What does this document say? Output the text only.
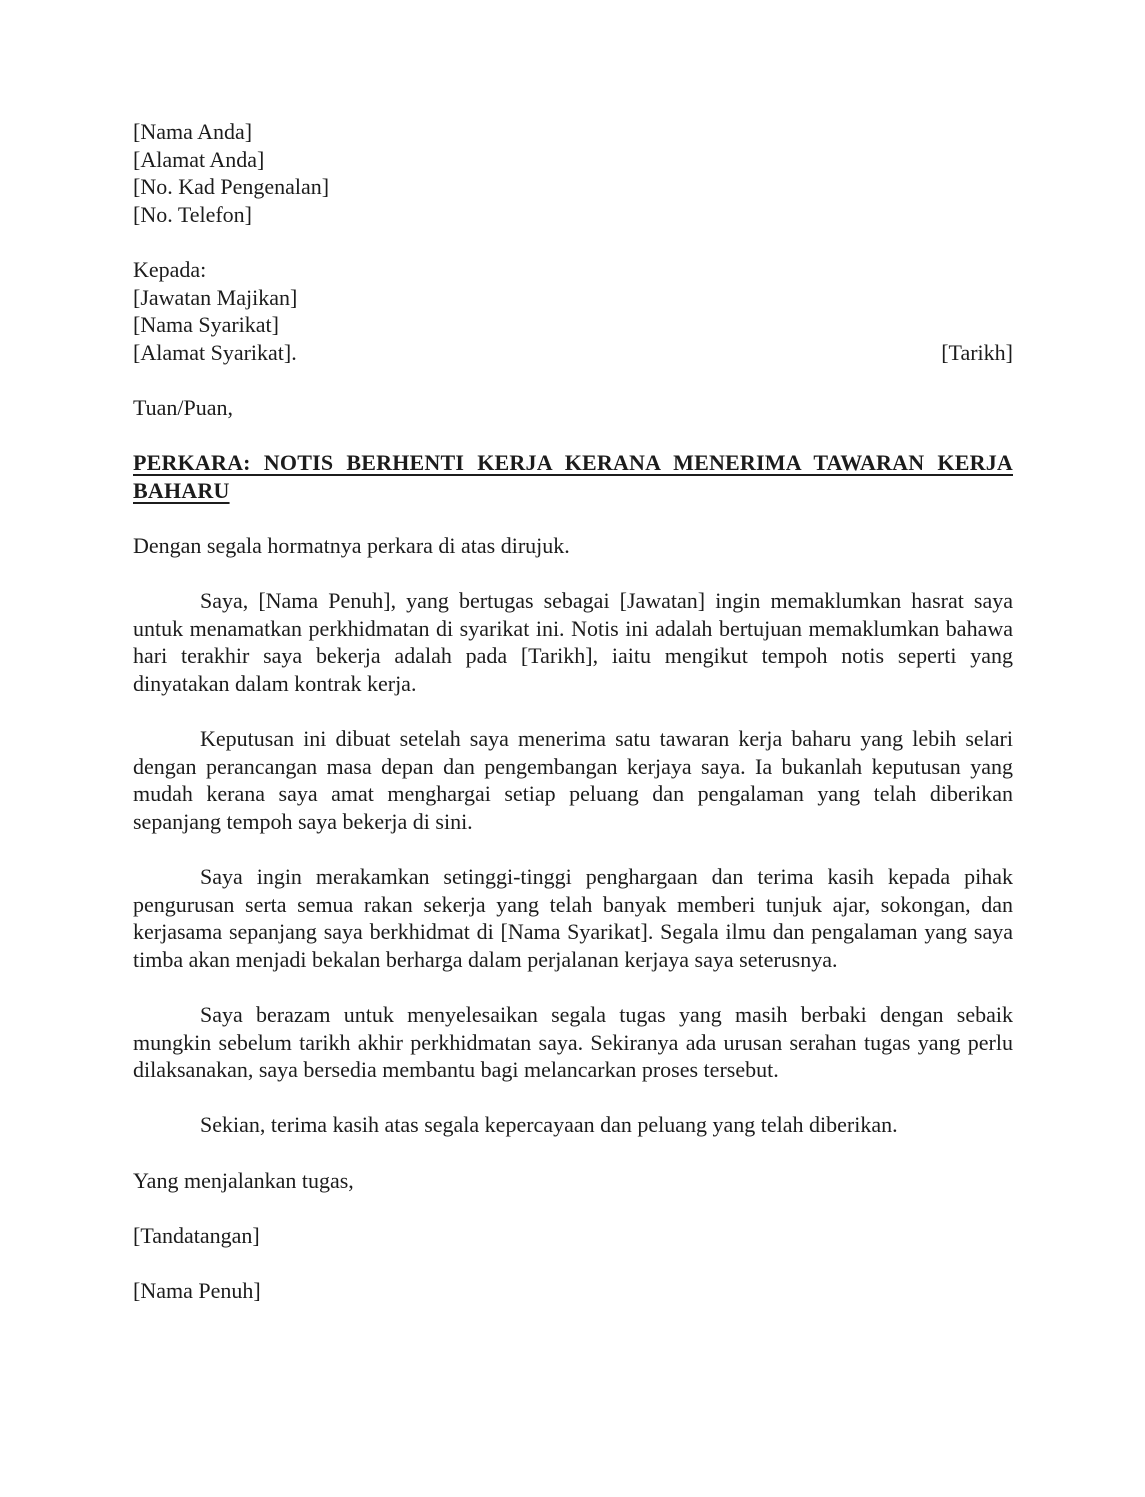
[Nama Anda]
[Alamat Anda]
[No. Kad Pengenalan]
[No. Telefon]
Kepada:
[Jawatan Majikan]
[Nama Syarikat]
[Alamat Syarikat].	[Tarikh]
Tuan/Puan,
PERKARA: NOTIS BERHENTI KERJA KERANA MENERIMA TAWARAN KERJA
BAHARU

Dengan segala hormatnya perkara di atas dirujuk.

Saya, [Nama Penuh], yang bertugas sebagai [Jawatan] ingin memaklumkan hasrat saya untuk menamatkan perkhidmatan di syarikat ini. Notis ini adalah bertujuan memaklumkan bahawa hari terakhir saya bekerja adalah pada [Tarikh], iaitu mengikut tempoh notis seperti yang dinyatakan dalam kontrak kerja.

Keputusan ini dibuat setelah saya menerima satu tawaran kerja baharu yang lebih selari dengan perancangan masa depan dan pengembangan kerjaya saya. Ia bukanlah keputusan yang mudah kerana saya amat menghargai setiap peluang dan pengalaman yang telah diberikan sepanjang tempoh saya bekerja di sini.

Saya ingin merakamkan setinggi-tinggi penghargaan dan terima kasih kepada pihak pengurusan serta semua rakan sekerja yang telah banyak memberi tunjuk ajar, sokongan, dan kerjasama sepanjang saya berkhidmat di [Nama Syarikat]. Segala ilmu dan pengalaman yang saya timba akan menjadi bekalan berharga dalam perjalanan kerjaya saya seterusnya.

Saya berazam untuk menyelesaikan segala tugas yang masih berbaki dengan sebaik mungkin sebelum tarikh akhir perkhidmatan saya. Sekiranya ada urusan serahan tugas yang perlu dilaksanakan, saya bersedia membantu bagi melancarkan proses tersebut.

Sekian, terima kasih atas segala kepercayaan dan peluang yang telah diberikan.

Yang menjalankan tugas,
[Tandatangan]
[Nama Penuh]
